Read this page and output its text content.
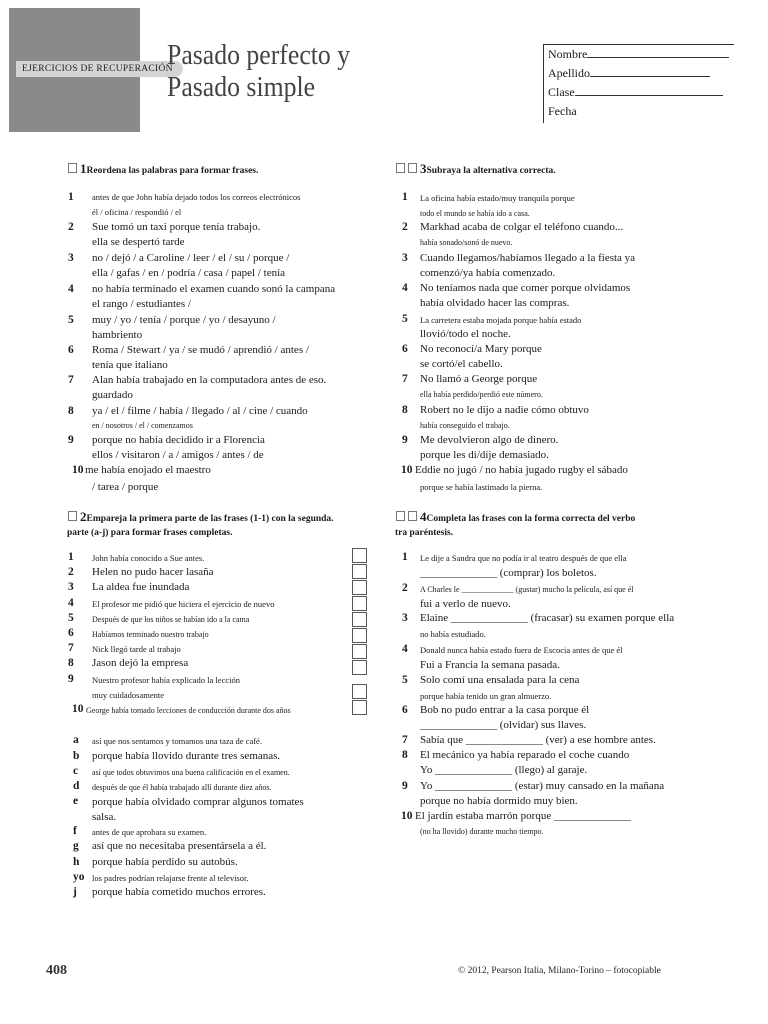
EJERCICIOS DE RECUPERACIÓN
Pasado perfecto y
Pasado simple
Nombre
Apellido
Clase
Fecha
1Reordena las palabras para formar frases.
1	antes de que John había dejado todos los correos electrónicos
él / oficina / respondió / el
2	Sue tomó un taxi porque tenía trabajo.
ella se despertó tarde
3	no / dejó / a Caroline / leer / el / su / porque /
ella / gafas / en / podría / casa / papel / tenía
4	no había terminado el examen cuando sonó la campana
el rango / estudiantes /
5	muy / yo / tenía / porque / yo / desayuno /
hambriento
6	Roma / Stewart / ya / se mudó / aprendió / antes /
tenía que italiano
7	Alan había trabajado en la computadora antes de eso.
guardado
8	ya / el / filme / había / llegado / al / cine / cuando
en / nosotros / el / comenzamos
9	porque no había decidido ir a Florencia
ellos / visitaron / a / amigos / antes / de
10 me había enojado el maestro
/ tarea / porque
2Empareja la primera parte de las frases (1-1) con la segunda.
parte (a-j) para formar frases completas.
1	John había conocido a Sue antes.
2	Helen no pudo hacer lasaña
3	La aldea fue inundada
4	El profesor me pidió que hiciera el ejercicio de nuevo
5	Después de que los niños se habían ido a la cama
6	Habíamos terminado nuestro trabajo
7	Nick llegó tarde al trabajo
8	Jason dejó la empresa
9	Nuestro profesor había explicado la lección
muy cuidadosamente
10 George había tomado lecciones de conducción durante dos años
a	así que nos sentamos y tomamos una taza de café.
b	porque había llovido durante tres semanas.
c	así que todos obtuvimos una buena calificación en el examen.
d	después de que él había trabajado allí durante diez años.
e	porque había olvidado comprar algunos tomates
salsa.
f	antes de que aprobara su examen.
g	así que no necesitaba presentársela a él.
h	porque había perdido su autobús.
yo los padres podrían relajarse frente al televisor.
j	porque había cometido muchos errores.
3Subraya la alternativa correcta.
1	La oficina había estado/muy tranquila porque
todo el mundo se había ido a casa.
2	Markhad acaba de colgar el teléfono cuando...
había sonado/sonó de nuevo.
3	Cuando llegamos/habíamos llegado a la fiesta ya
comenzó/ya había comenzado.
4	No teníamos nada que comer porque olvidamos
había olvidado hacer las compras.
5	La carretera estaba mojada porque había estado
llovió/todo el noche.
6	No reconocí/a Mary porque
se cortó/el cabello.
7	No llamó a George porque
ella había perdido/perdió este número.
8	Robert no le dijo a nadie cómo obtuvo
había conseguido el trabajo.
9	Me devolvieron algo de dinero.
porque les di/dije demasiado.
10 Eddie no jugó / no había jugado rugby el sábado
porque se había lastimado la pierna.
4Completa las frases con la forma correcta del verbo
tra paréntesis.
1	Le dije a Sandra que no podía ir al teatro después de que ella
______________ (comprar) los boletos.
2	A Charles le _____________ (gustar) mucho la película, así que él
fui a verlo de nuevo.
3	Elaine ______________ (fracasar) su examen porque ella
no había estudiado.
4	Donald nunca había estado fuera de Escocia antes de que él
Fui a Francia la semana pasada.
5	Solo comí una ensalada para la cena
porque había tenido un gran almuerzo.
6	Bob no pudo entrar a la casa porque él
______________ (olvidar) sus llaves.
7	Sabía que ______________ (ver) a ese hombre antes.
8	El mecánico ya había reparado el coche cuando
Yo ______________ (llego) al garaje.
9	Yo ______________ (estar) muy cansado en la mañana
porque no había dormido muy bien.
10 El jardín estaba marrón porque ______________
(no ha llovido) durante mucho tiempo.
408	© 2012, Pearson Italia, Milano-Torino – fotocopiable
